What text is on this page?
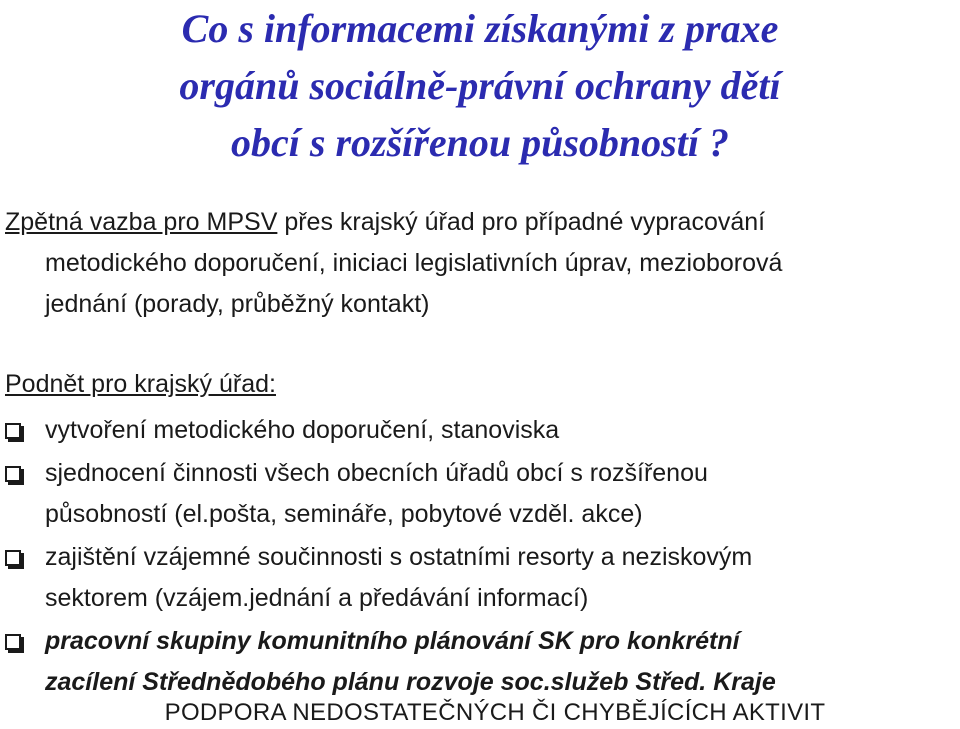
Co s informacemi získanými z praxe
orgánů sociálně-právní ochrany dětí
obcí s rozšířenou působností ?
Zpětná vazba pro MPSV přes krajský úřad pro případné vypracování
metodického doporučení, iniciaci legislativních úprav, mezioborová
jednání (porady, průběžný kontakt)
Podnět pro krajský úřad:
vytvoření metodického doporučení, stanoviska
sjednocení činnosti všech obecních úřadů obcí s rozšířenou
působností (el.pošta, semináře, pobytové vzděl. akce)
zajištění vzájemné součinnosti s ostatními resorty a neziskovým
sektorem (vzájem.jednání a předávání informací)
pracovní skupiny komunitního plánování SK pro konkrétní
zacílení Střednědobého plánu rozvoje soc.služeb Střed. Kraje
PODPORA NEDOSTATEČNÝCH ČI CHYBĚJÍCÍCH AKTIVIT
